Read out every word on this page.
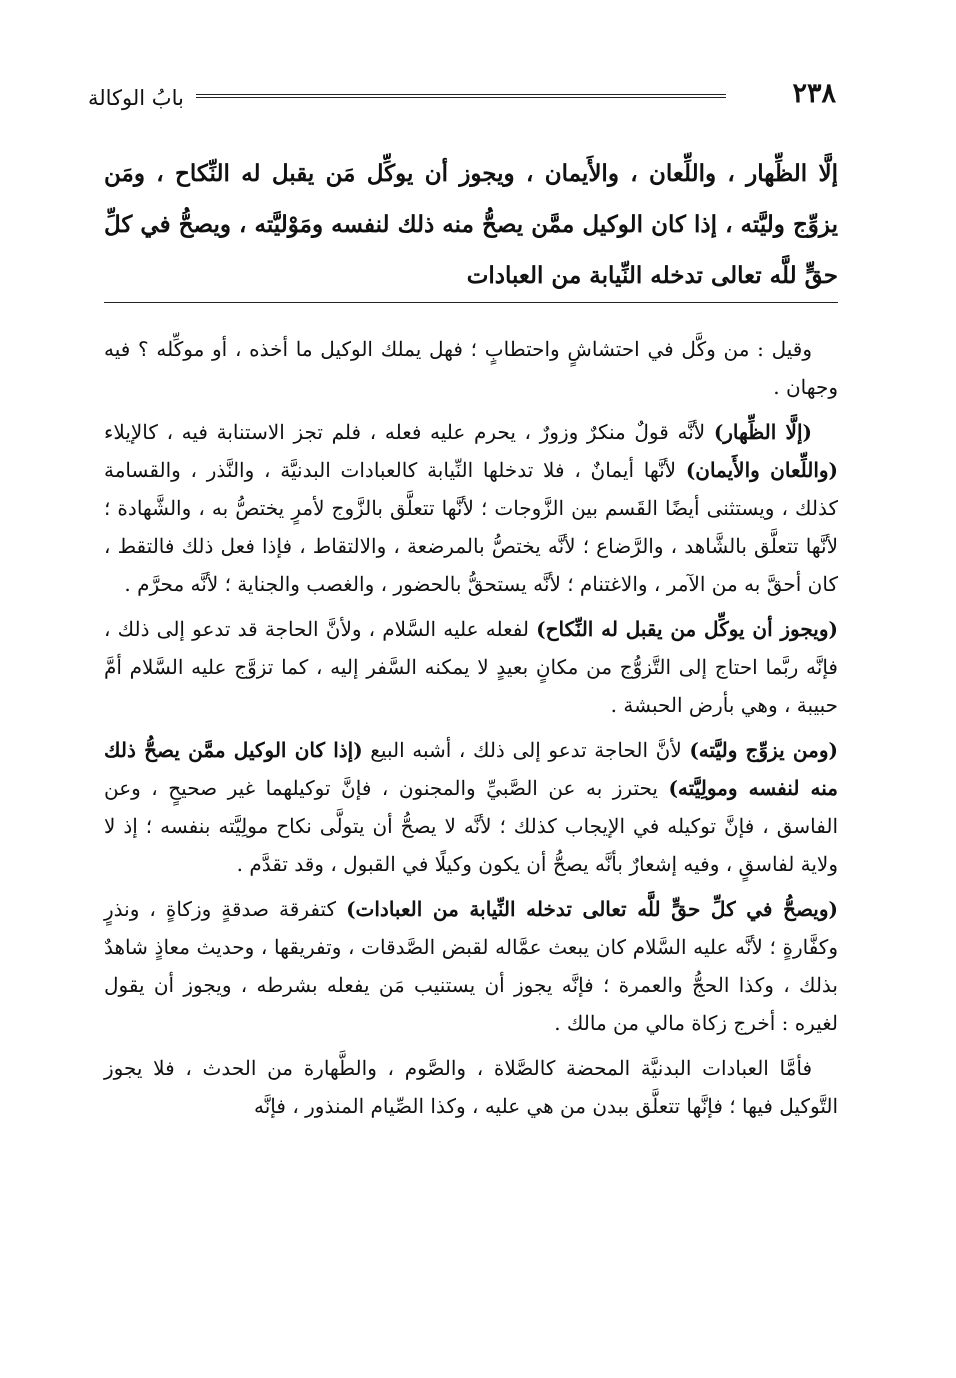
٢٣٨
بابُ الوكالة
إلَّا الظِّهار ، واللِّعان ، والأَيمان ، ويجوز أن يوكِّل مَن يقبل له النِّكاح ، ومَن يزوِّج وليَّته ، إذا كان الوكيل ممَّن يصحُّ منه ذلك لنفسه ومَوْليَّته ، ويصحُّ في كلِّ حقٍّ للَّه تعالى تدخله النِّيابة من العبادات

وقيل : من وكَّل في احتشاشٍ واحتطابٍ ؛ فهل يملك الوكيل ما أخذه ، أو موكِّله ؟ فيه وجهان .

(إلَّا الظِّهار) لأنَّه قولٌ منكرٌ وزورٌ ، يحرم عليه فعله ، فلم تجز الاستنابة فيه ، كالإيلاء (واللِّعان والأَيمان) لأنَّها أيمانٌ ، فلا تدخلها النِّيابة كالعبادات البدنيَّة ، والنَّذر ، والقسامة كذلك ، ويستثنى أيضًا القَسم بين الزَّوجات ؛ لأنَّها تتعلَّق بالزَّوج لأمرٍ يختصُّ به ، والشَّهادة ؛ لأنَّها تتعلَّق بالشَّاهد ، والرَّضاع ؛ لأنَّه يختصُّ بالمرضعة ، والالتقاط ، فإذا فعل ذلك فالتقط ، كان أحقَّ به من الآمر ، والاغتنام ؛ لأنَّه يستحقُّ بالحضور ، والغصب والجناية ؛ لأنَّه محرَّم .

(ويجوز أن يوكِّل من يقبل له النِّكاح) لفعله عليه السَّلام ، ولأنَّ الحاجة قد تدعو إلى ذلك ، فإنَّه ربَّما احتاج إلى التَّزوُّج من مكانٍ بعيدٍ لا يمكنه السَّفر إليه ، كما تزوَّج عليه السَّلام أمَّ حبيبة ، وهي بأرض الحبشة .

(ومن يزوِّج وليَّته) لأنَّ الحاجة تدعو إلى ذلك ، أشبه البيع (إذا كان الوكيل ممَّن يصحُّ ذلك منه لنفسه ومولِيَّته) يحترز به عن الصَّبيِّ والمجنون ، فإنَّ توكيلهما غير صحيحٍ ، وعن الفاسق ، فإنَّ توكيله في الإيجاب كذلك ؛ لأنَّه لا يصحُّ أن يتولَّى نكاح مولِيَّته بنفسه ؛ إذ لا ولاية لفاسقٍ ، وفيه إشعارٌ بأنَّه يصحُّ أن يكون وكيلًا في القبول ، وقد تقدَّم .

(ويصحُّ في كلِّ حقٍّ للَّه تعالى تدخله النِّيابة من العبادات) كتفرقة صدقةٍ وزكاةٍ ، ونذرٍ وكفَّارةٍ ؛ لأنَّه عليه السَّلام كان يبعث عمَّاله لقبض الصَّدقات ، وتفريقها ، وحديث معاذٍ شاهدٌ بذلك ، وكذا الحجُّ والعمرة ؛ فإنَّه يجوز أن يستنيب مَن يفعله بشرطه ، ويجوز أن يقول لغيره : أخرج زكاة مالي من مالك .

فأمَّا العبادات البدنيَّة المحضة كالصَّلاة ، والصَّوم ، والطَّهارة من الحدث ، فلا يجوز التَّوكيل فيها ؛ فإنَّها تتعلَّق ببدن من هي عليه ، وكذا الصِّيام المنذور ، فإنَّه
